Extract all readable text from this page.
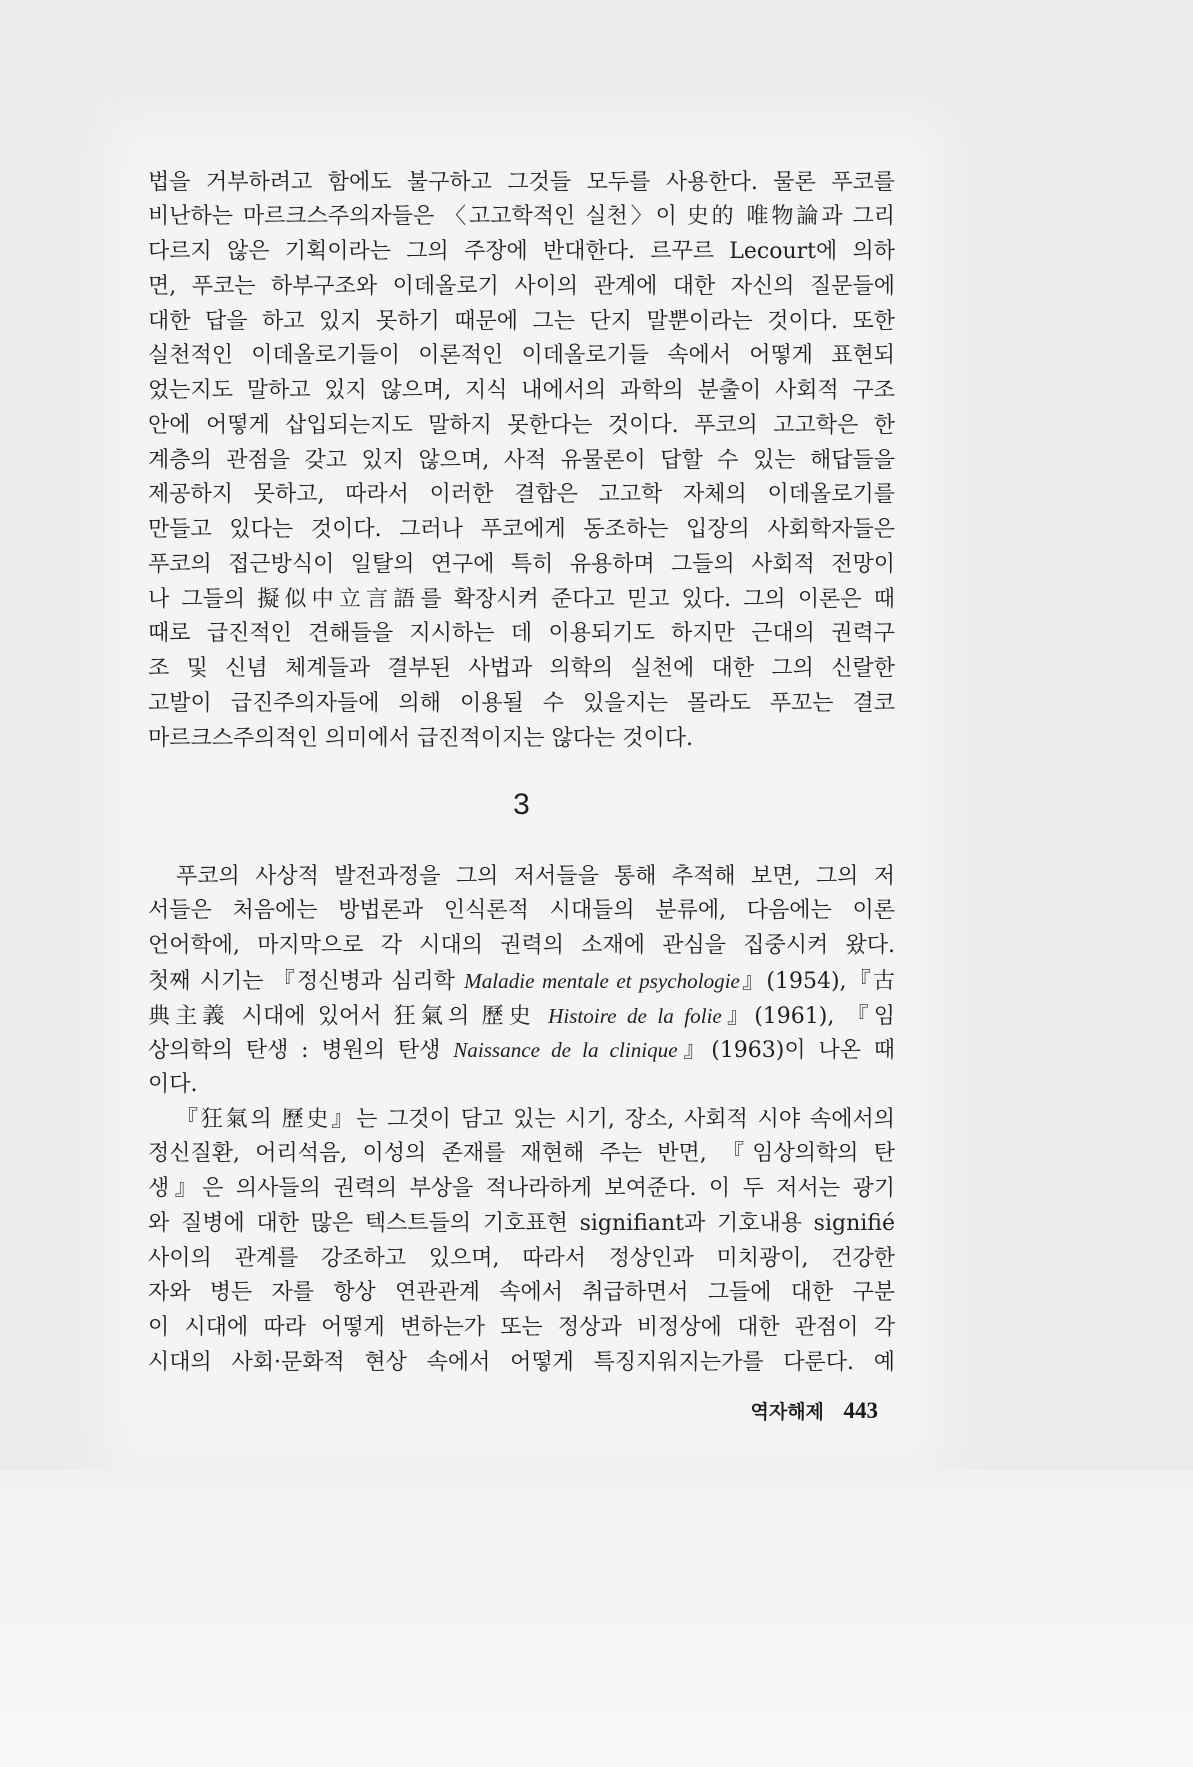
법을 거부하려고 함에도 불구하고 그것들 모두를 사용한다. 물론 푸코를
비난하는 마르크스주의자들은 〈고고학적인 실천〉이 史的 唯物論과 그리
다르지 않은 기획이라는 그의 주장에 반대한다. 르꾸르 Lecourt에 의하
면, 푸코는 하부구조와 이데올로기 사이의 관계에 대한 자신의 질문들에
대한 답을 하고 있지 못하기 때문에 그는 단지 말뿐이라는 것이다. 또한
실천적인 이데올로기들이 이론적인 이데올로기들 속에서 어떻게 표현되
었는지도 말하고 있지 않으며, 지식 내에서의 과학의 분출이 사회적 구조
안에 어떻게 삽입되는지도 말하지 못한다는 것이다. 푸코의 고고학은 한
계층의 관점을 갖고 있지 않으며, 사적 유물론이 답할 수 있는 해답들을
제공하지 못하고, 따라서 이러한 결합은 고고학 자체의 이데올로기를
만들고 있다는 것이다. 그러나 푸코에게 동조하는 입장의 사회학자들은
푸코의 접근방식이 일탈의 연구에 특히 유용하며 그들의 사회적 전망이
나 그들의 擬似中立言語를 확장시켜 준다고 믿고 있다. 그의 이론은 때
때로 급진적인 견해들을 지시하는 데 이용되기도 하지만 근대의 권력구
조 및 신념 체계들과 결부된 사법과 의학의 실천에 대한 그의 신랄한
고발이 급진주의자들에 의해 이용될 수 있을지는 몰라도 푸꼬는 결코
마르크스주의적인 의미에서 급진적이지는 않다는 것이다.
3
푸코의 사상적 발전과정을 그의 저서들을 통해 추적해 보면, 그의 저
서들은 처음에는 방법론과 인식론적 시대들의 분류에, 다음에는 이론
언어학에, 마지막으로 각 시대의 권력의 소재에 관심을 집중시켜 왔다.
첫째 시기는 『정신병과 심리학 Maladie mentale et psychologie』(1954),『古
典主義 시대에 있어서 狂氣의 歷史 Histoire de la folie』(1961), 『임
상의학의 탄생 : 병원의 탄생 Naissance de la clinique』(1963)이 나온 때
이다.
『狂氣의 歷史』는 그것이 담고 있는 시기, 장소, 사회적 시야 속에서의
정신질환, 어리석음, 이성의 존재를 재현해 주는 반면, 『임상의학의 탄
생』은 의사들의 권력의 부상을 적나라하게 보여준다. 이 두 저서는 광기
와 질병에 대한 많은 텍스트들의 기호표현 signifiant과 기호내용 signifié
사이의 관계를 강조하고 있으며, 따라서 정상인과 미치광이, 건강한
자와 병든 자를 항상 연관관계 속에서 취급하면서 그들에 대한 구분
이 시대에 따라 어떻게 변하는가 또는 정상과 비정상에 대한 관점이 각
시대의 사회·문화적 현상 속에서 어떻게 특징지워지는가를 다룬다. 예
역자해제 443
